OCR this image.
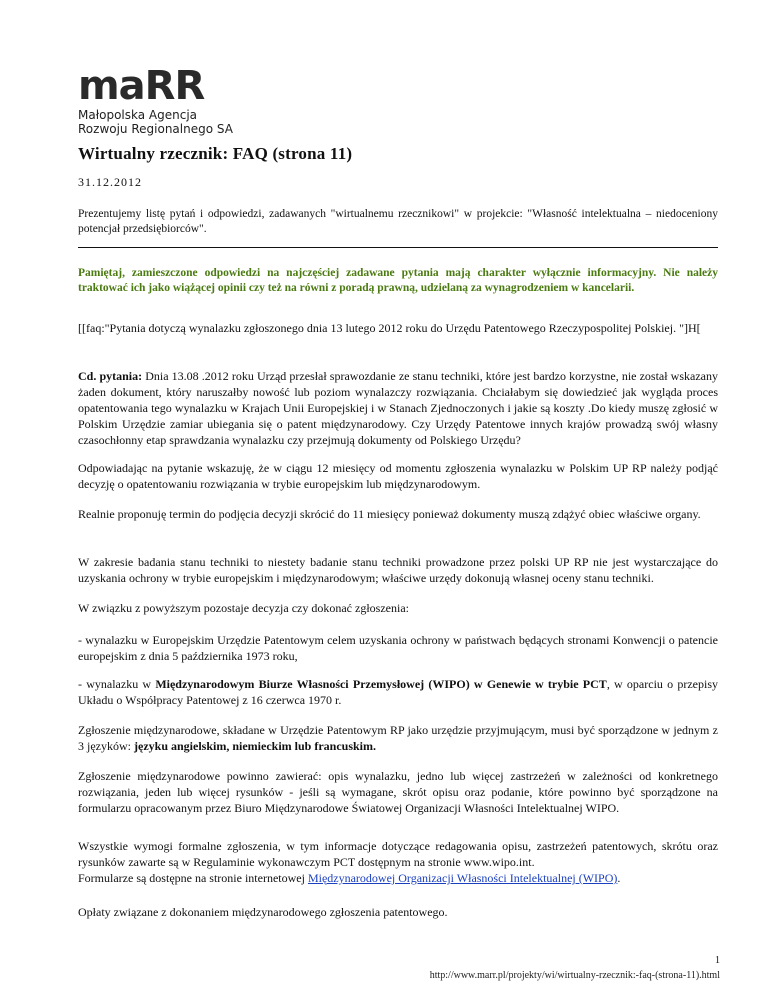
maRR
Małopolska Agencja
Rozwoju Regionalnego SA
Wirtualny rzecznik: FAQ (strona 11)
31.12.2012
Prezentujemy listę pytań i odpowiedzi, zadawanych "wirtualnemu rzecznikowi" w projekcie: "Własność intelektualna – niedoceniony potencjał przedsiębiorców".
Pamiętaj, zamieszczone odpowiedzi na najczęściej zadawane pytania mają charakter wyłącznie informacyjny. Nie należy traktować ich jako wiążącej opinii czy też na równi z poradą prawną, udzielaną za wynagrodzeniem w kancelarii.
[[faq:"Pytania dotyczą wynalazku zgłoszonego dnia 13 lutego 2012 roku do Urzędu Patentowego Rzeczypospolitej Polskiej. "]H[
Cd. pytania: Dnia 13.08 .2012 roku Urząd przesłał sprawozdanie ze stanu techniki, które jest bardzo korzystne, nie został wskazany żaden dokument, który naruszałby nowość lub poziom wynalazczy rozwiązania. Chciałabym się dowiedzieć jak wygląda proces opatentowania tego wynalazku w Krajach Unii Europejskiej i w Stanach Zjednoczonych i jakie są koszty .Do kiedy muszę zgłosić w Polskim Urzędzie zamiar ubiegania się o patent międzynarodowy. Czy Urzędy Patentowe innych krajów prowadzą swój własny czasochłonny etap sprawdzania wynalazku czy przejmują dokumenty od Polskiego Urzędu?
Odpowiadając na pytanie wskazuję, że w ciągu 12 miesięcy od momentu zgłoszenia wynalazku w Polskim UP RP należy podjąć decyzję o opatentowaniu rozwiązania w trybie europejskim lub międzynarodowym.
Realnie proponuję termin do podjęcia decyzji skrócić do 11 miesięcy ponieważ dokumenty muszą zdążyć obiec właściwe organy.
W zakresie badania stanu techniki to niestety badanie stanu techniki prowadzone przez polski UP RP nie jest wystarczające do uzyskania ochrony w trybie europejskim i międzynarodowym; właściwe urzędy dokonują własnej oceny stanu techniki.
W związku z powyższym pozostaje decyzja czy dokonać zgłoszenia:
- wynalazku w Europejskim Urzędzie Patentowym celem uzyskania ochrony w państwach będących stronami Konwencji o patencie europejskim z dnia 5 października 1973 roku,
- wynalazku w Międzynarodowym Biurze Własności Przemysłowej (WIPO) w Genewie w trybie PCT, w oparciu o przepisy Układu o Współpracy Patentowej z 16 czerwca 1970 r.
Zgłoszenie międzynarodowe, składane w Urzędzie Patentowym RP jako urzędzie przyjmującym, musi być sporządzone w jednym z 3 języków: języku angielskim, niemieckim lub francuskim.
Zgłoszenie międzynarodowe powinno zawierać: opis wynalazku, jedno lub więcej zastrzeżeń w zależności od konkretnego rozwiązania, jeden lub więcej rysunków - jeśli są wymagane, skrót opisu oraz podanie, które powinno być sporządzone na formularzu opracowanym przez Biuro Międzynarodowe Światowej Organizacji Własności Intelektualnej WIPO.
Wszystkie wymogi formalne zgłoszenia, w tym informacje dotyczące redagowania opisu, zastrzeżeń patentowych, skrótu oraz rysunków zawarte są w Regulaminie wykonawczym PCT dostępnym na stronie www.wipo.int.
Formularze są dostępne na stronie internetowej Międzynarodowej Organizacji Własności Intelektualnej (WIPO).
Opłaty związane z dokonaniem międzynarodowego zgłoszenia patentowego.
1
http://www.marr.pl/projekty/wi/wirtualny-rzecznik:-faq-(strona-11).html
